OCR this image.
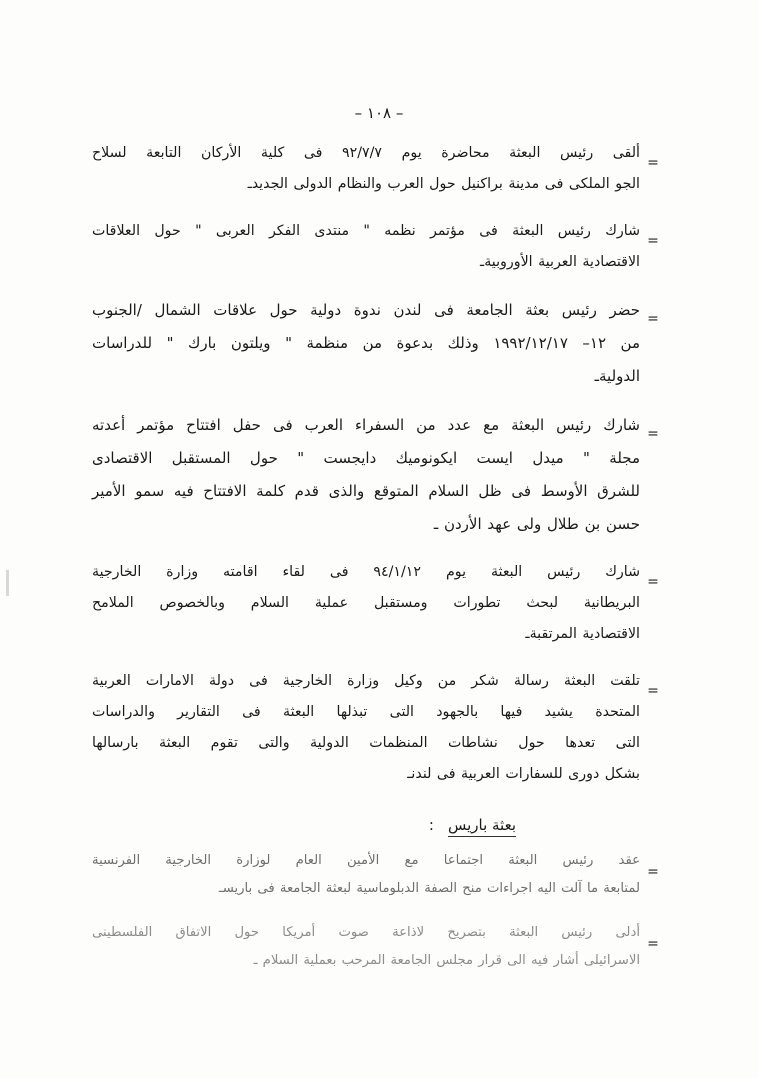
– ١٠٨ –
=
ألقى رئيس البعثة محاضرة يوم ٩٢/٧/٧ فى كلية الأركان التابعة لسلاح
الجو الملكى فى مدينة براكنيل حول العرب والنظام الدولى الجديدـ
=
شارك رئيس البعثة فى مؤتمر نظمه " منتدى الفكر العربى " حول العلاقات
الاقتصادية العربية الأوروبيةـ
=
حضر رئيس بعثة الجامعة فى لندن ندوة دولية حول علاقات الشمال /الجنوب
من ١٢– ١٩٩٢/١٢/١٧ وذلك بدعوة من منظمة " ويلتون بارك " للدراسات
الدوليةـ
=
شارك رئيس البعثة مع عدد من السفراء العرب فى حفل افتتاح مؤتمر أعدته
مجلة " ميدل ايست ايكونوميك دايجست " حول المستقبل الاقتصادى
للشرق الأوسط فى ظل السلام المتوقع والذى قدم كلمة الافتتاح فيه سمو الأمير
حسن بن طلال ولى عهد الأردن ـ
=
شارك رئيس البعثة يوم ٩٤/١/١٢ فى لقاء اقامته وزارة الخارجية
البريطانية لبحث تطورات ومستقبل عملية السلام وبالخصوص الملامح
الاقتصادية المرتقبةـ
=
تلقت البعثة رسالة شكر من وكيل وزارة الخارجية فى دولة الامارات العربية
المتحدة يشيد فيها بالجهود التى تبذلها البعثة فى التقارير والدراسات
التى تعدها حول نشاطات المنظمات الدولية والتى تقوم البعثة بارسالها
بشكل دورى للسفارات العربية فى لندنـ
بعثة باريس
:
=
عقد رئيس البعثة اجتماعا مع الأمين العام لوزارة الخارجية الفرنسية
لمتابعة ما آلت اليه اجراءات منح الصفة الدبلوماسية لبعثة الجامعة فى باريسـ
=
أدلى رئيس البعثة بتصريح لاذاعة صوت أمريكا حول الاتفاق الفلسطينى
الاسرائيلى أشار فيه الى قرار مجلس الجامعة المرحب بعملية السلام ـ
